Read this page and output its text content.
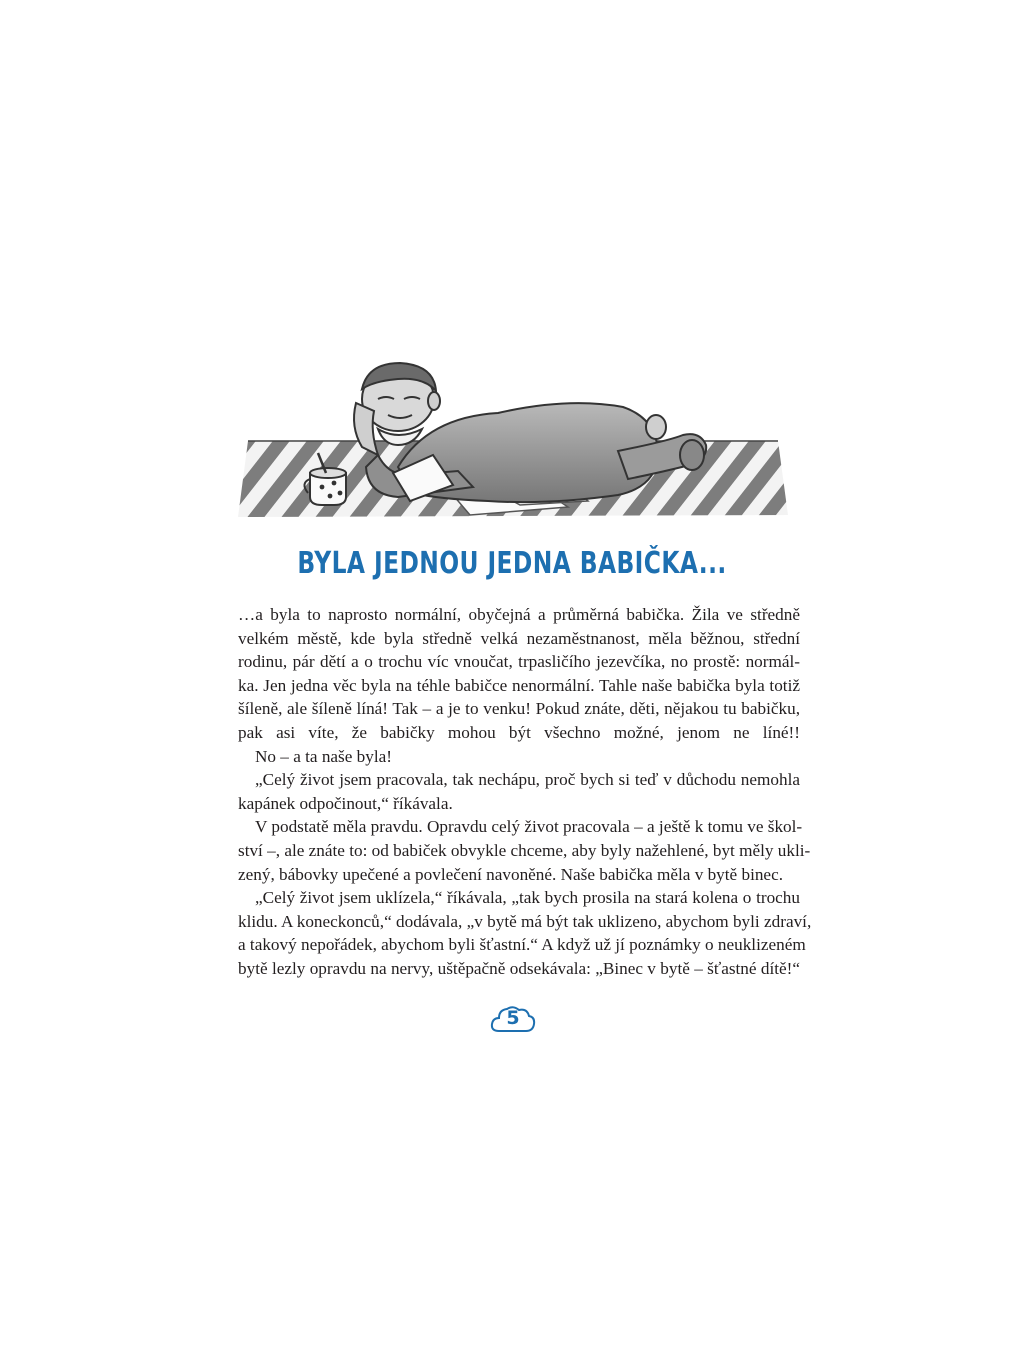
BYLA JEDNOU JEDNA BABIČKA...
…a byla to naprosto normální, obyčejná a průměrná babička. Žila ve středně
velkém městě, kde byla středně velká nezaměstnanost, měla běžnou, střední
rodinu, pár dětí a o trochu víc vnoučat, trpasličího jezevčíka, no prostě: normál-
ka. Jen jedna věc byla na téhle babičce nenormální. Tahle naše babička byla totiž
šíleně, ale šíleně líná! Tak – a je to venku! Pokud znáte, děti, nějakou tu babičku,
pak asi víte, že babičky mohou být všechno možné, jenom ne líné!!
No – a ta naše byla!
„Celý život jsem pracovala, tak nechápu, proč bych si teď v důchodu nemohla
kapánek odpočinout,“ říkávala.
V podstatě měla pravdu. Opravdu celý život pracovala – a ještě k tomu ve škol-
ství –, ale znáte to: od babiček obvykle chceme, aby byly nažehlené, byt měly ukli-
zený, bábovky upečené a povlečení navoněné. Naše babička měla v bytě binec.
„Celý život jsem uklízela,“ říkávala, „tak bych prosila na stará kolena o trochu
klidu. A koneckonců,“ dodávala, „v bytě má být tak uklizeno, abychom byli zdraví,
a takový nepořádek, abychom byli šťastní.“ A když už jí poznámky o neuklizeném
bytě lezly opravdu na nervy, uštěpačně odsekávala: „Binec v bytě – šťastné dítě!“
5
